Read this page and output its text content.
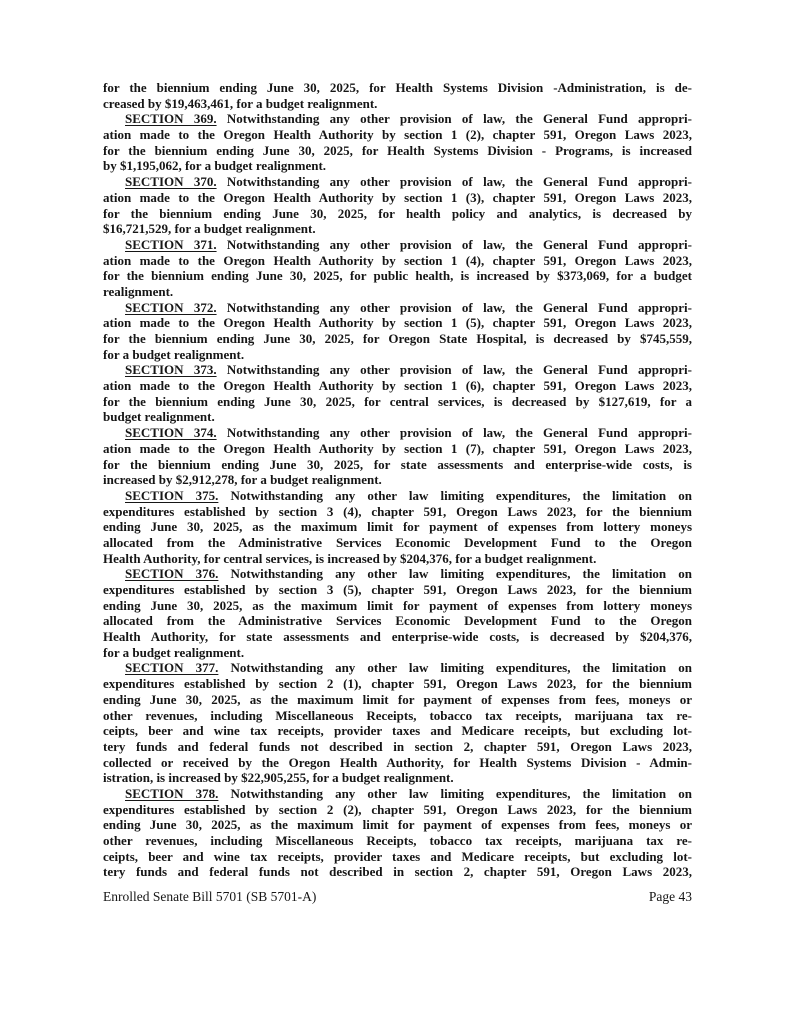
for the biennium ending June 30, 2025, for Health Systems Division -Administration, is de-
creased by $19,463,461, for a budget realignment.
SECTION 369. Notwithstanding any other provision of law, the General Fund appropri-
ation made to the Oregon Health Authority by section 1 (2), chapter 591, Oregon Laws 2023,
for the biennium ending June 30, 2025, for Health Systems Division - Programs, is increased
by $1,195,062, for a budget realignment.
SECTION 370. Notwithstanding any other provision of law, the General Fund appropri-
ation made to the Oregon Health Authority by section 1 (3), chapter 591, Oregon Laws 2023,
for the biennium ending June 30, 2025, for health policy and analytics, is decreased by
$16,721,529, for a budget realignment.
SECTION 371. Notwithstanding any other provision of law, the General Fund appropri-
ation made to the Oregon Health Authority by section 1 (4), chapter 591, Oregon Laws 2023,
for the biennium ending June 30, 2025, for public health, is increased by $373,069, for a budget
realignment.
SECTION 372. Notwithstanding any other provision of law, the General Fund appropri-
ation made to the Oregon Health Authority by section 1 (5), chapter 591, Oregon Laws 2023,
for the biennium ending June 30, 2025, for Oregon State Hospital, is decreased by $745,559,
for a budget realignment.
SECTION 373. Notwithstanding any other provision of law, the General Fund appropri-
ation made to the Oregon Health Authority by section 1 (6), chapter 591, Oregon Laws 2023,
for the biennium ending June 30, 2025, for central services, is decreased by $127,619, for a
budget realignment.
SECTION 374. Notwithstanding any other provision of law, the General Fund appropri-
ation made to the Oregon Health Authority by section 1 (7), chapter 591, Oregon Laws 2023,
for the biennium ending June 30, 2025, for state assessments and enterprise-wide costs, is
increased by $2,912,278, for a budget realignment.
SECTION 375. Notwithstanding any other law limiting expenditures, the limitation on
expenditures established by section 3 (4), chapter 591, Oregon Laws 2023, for the biennium
ending June 30, 2025, as the maximum limit for payment of expenses from lottery moneys
allocated from the Administrative Services Economic Development Fund to the Oregon
Health Authority, for central services, is increased by $204,376, for a budget realignment.
SECTION 376. Notwithstanding any other law limiting expenditures, the limitation on
expenditures established by section 3 (5), chapter 591, Oregon Laws 2023, for the biennium
ending June 30, 2025, as the maximum limit for payment of expenses from lottery moneys
allocated from the Administrative Services Economic Development Fund to the Oregon
Health Authority, for state assessments and enterprise-wide costs, is decreased by $204,376,
for a budget realignment.
SECTION 377. Notwithstanding any other law limiting expenditures, the limitation on
expenditures established by section 2 (1), chapter 591, Oregon Laws 2023, for the biennium
ending June 30, 2025, as the maximum limit for payment of expenses from fees, moneys or
other revenues, including Miscellaneous Receipts, tobacco tax receipts, marijuana tax re-
ceipts, beer and wine tax receipts, provider taxes and Medicare receipts, but excluding lot-
tery funds and federal funds not described in section 2, chapter 591, Oregon Laws 2023,
collected or received by the Oregon Health Authority, for Health Systems Division - Admin-
istration, is increased by $22,905,255, for a budget realignment.
SECTION 378. Notwithstanding any other law limiting expenditures, the limitation on
expenditures established by section 2 (2), chapter 591, Oregon Laws 2023, for the biennium
ending June 30, 2025, as the maximum limit for payment of expenses from fees, moneys or
other revenues, including Miscellaneous Receipts, tobacco tax receipts, marijuana tax re-
ceipts, beer and wine tax receipts, provider taxes and Medicare receipts, but excluding lot-
tery funds and federal funds not described in section 2, chapter 591, Oregon Laws 2023,
Enrolled Senate Bill 5701 (SB 5701-A)	Page 43
